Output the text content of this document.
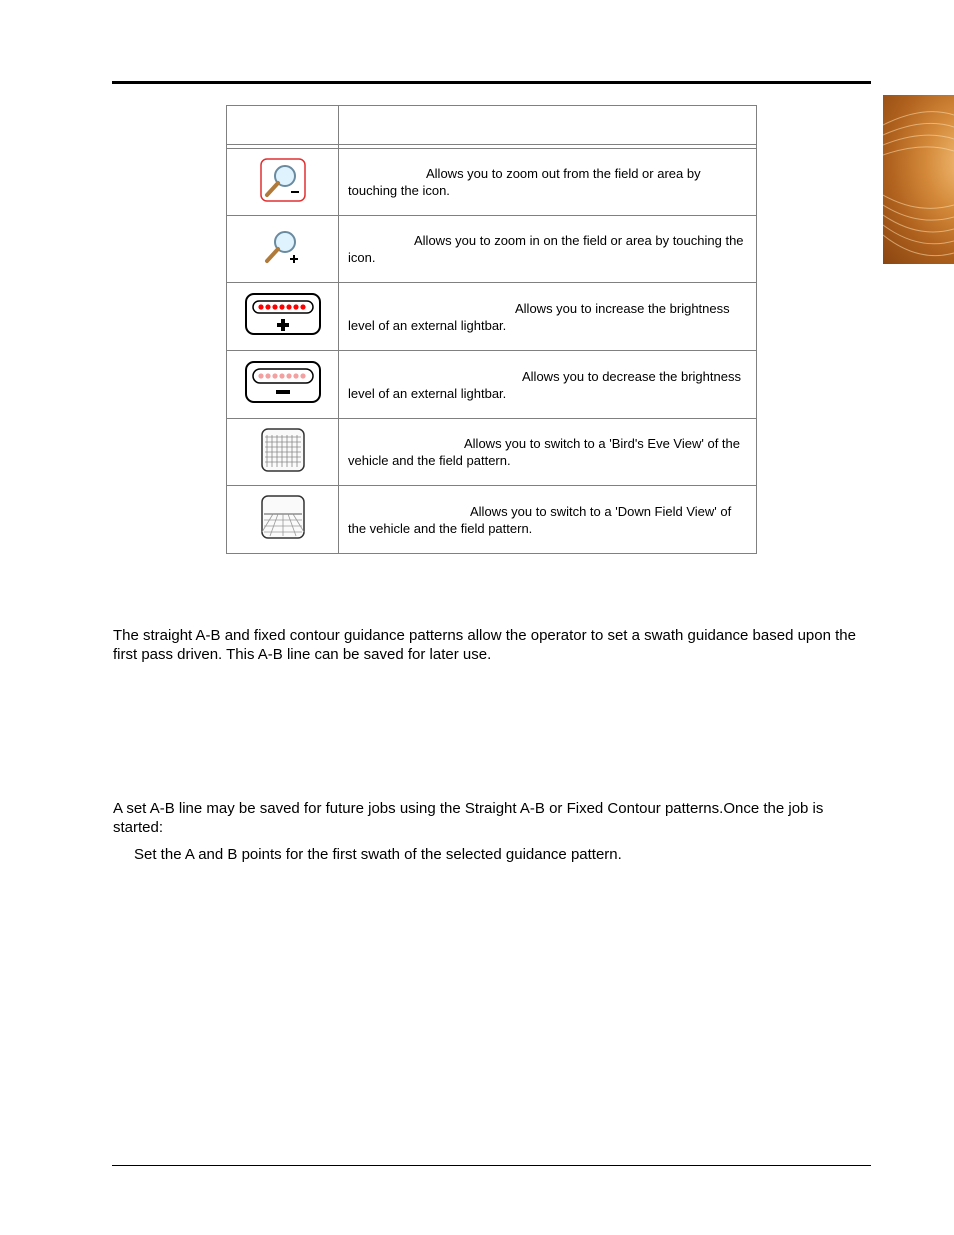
	Allows you to zoom out from the field or area by touching the icon.
	Allows you to zoom in on the field or area by touching the icon.
	Allows you to increase the brightness level of an external lightbar.
	Allows you to decrease the brightness level of an external lightbar.
	Allows you to switch to a 'Bird's Eve View' of the vehicle and the field pattern.
	Allows you to switch to a 'Down Field View' of the vehicle and the field pattern.
The straight A-B and fixed contour guidance patterns allow the operator to set a swath guidance based upon the first pass driven. This A-B line can be saved for later use.
A set A-B line may be saved for future jobs using the Straight A-B or Fixed Contour patterns.Once the job is started:
Set the A and B points for the first swath of the selected guidance pattern.
